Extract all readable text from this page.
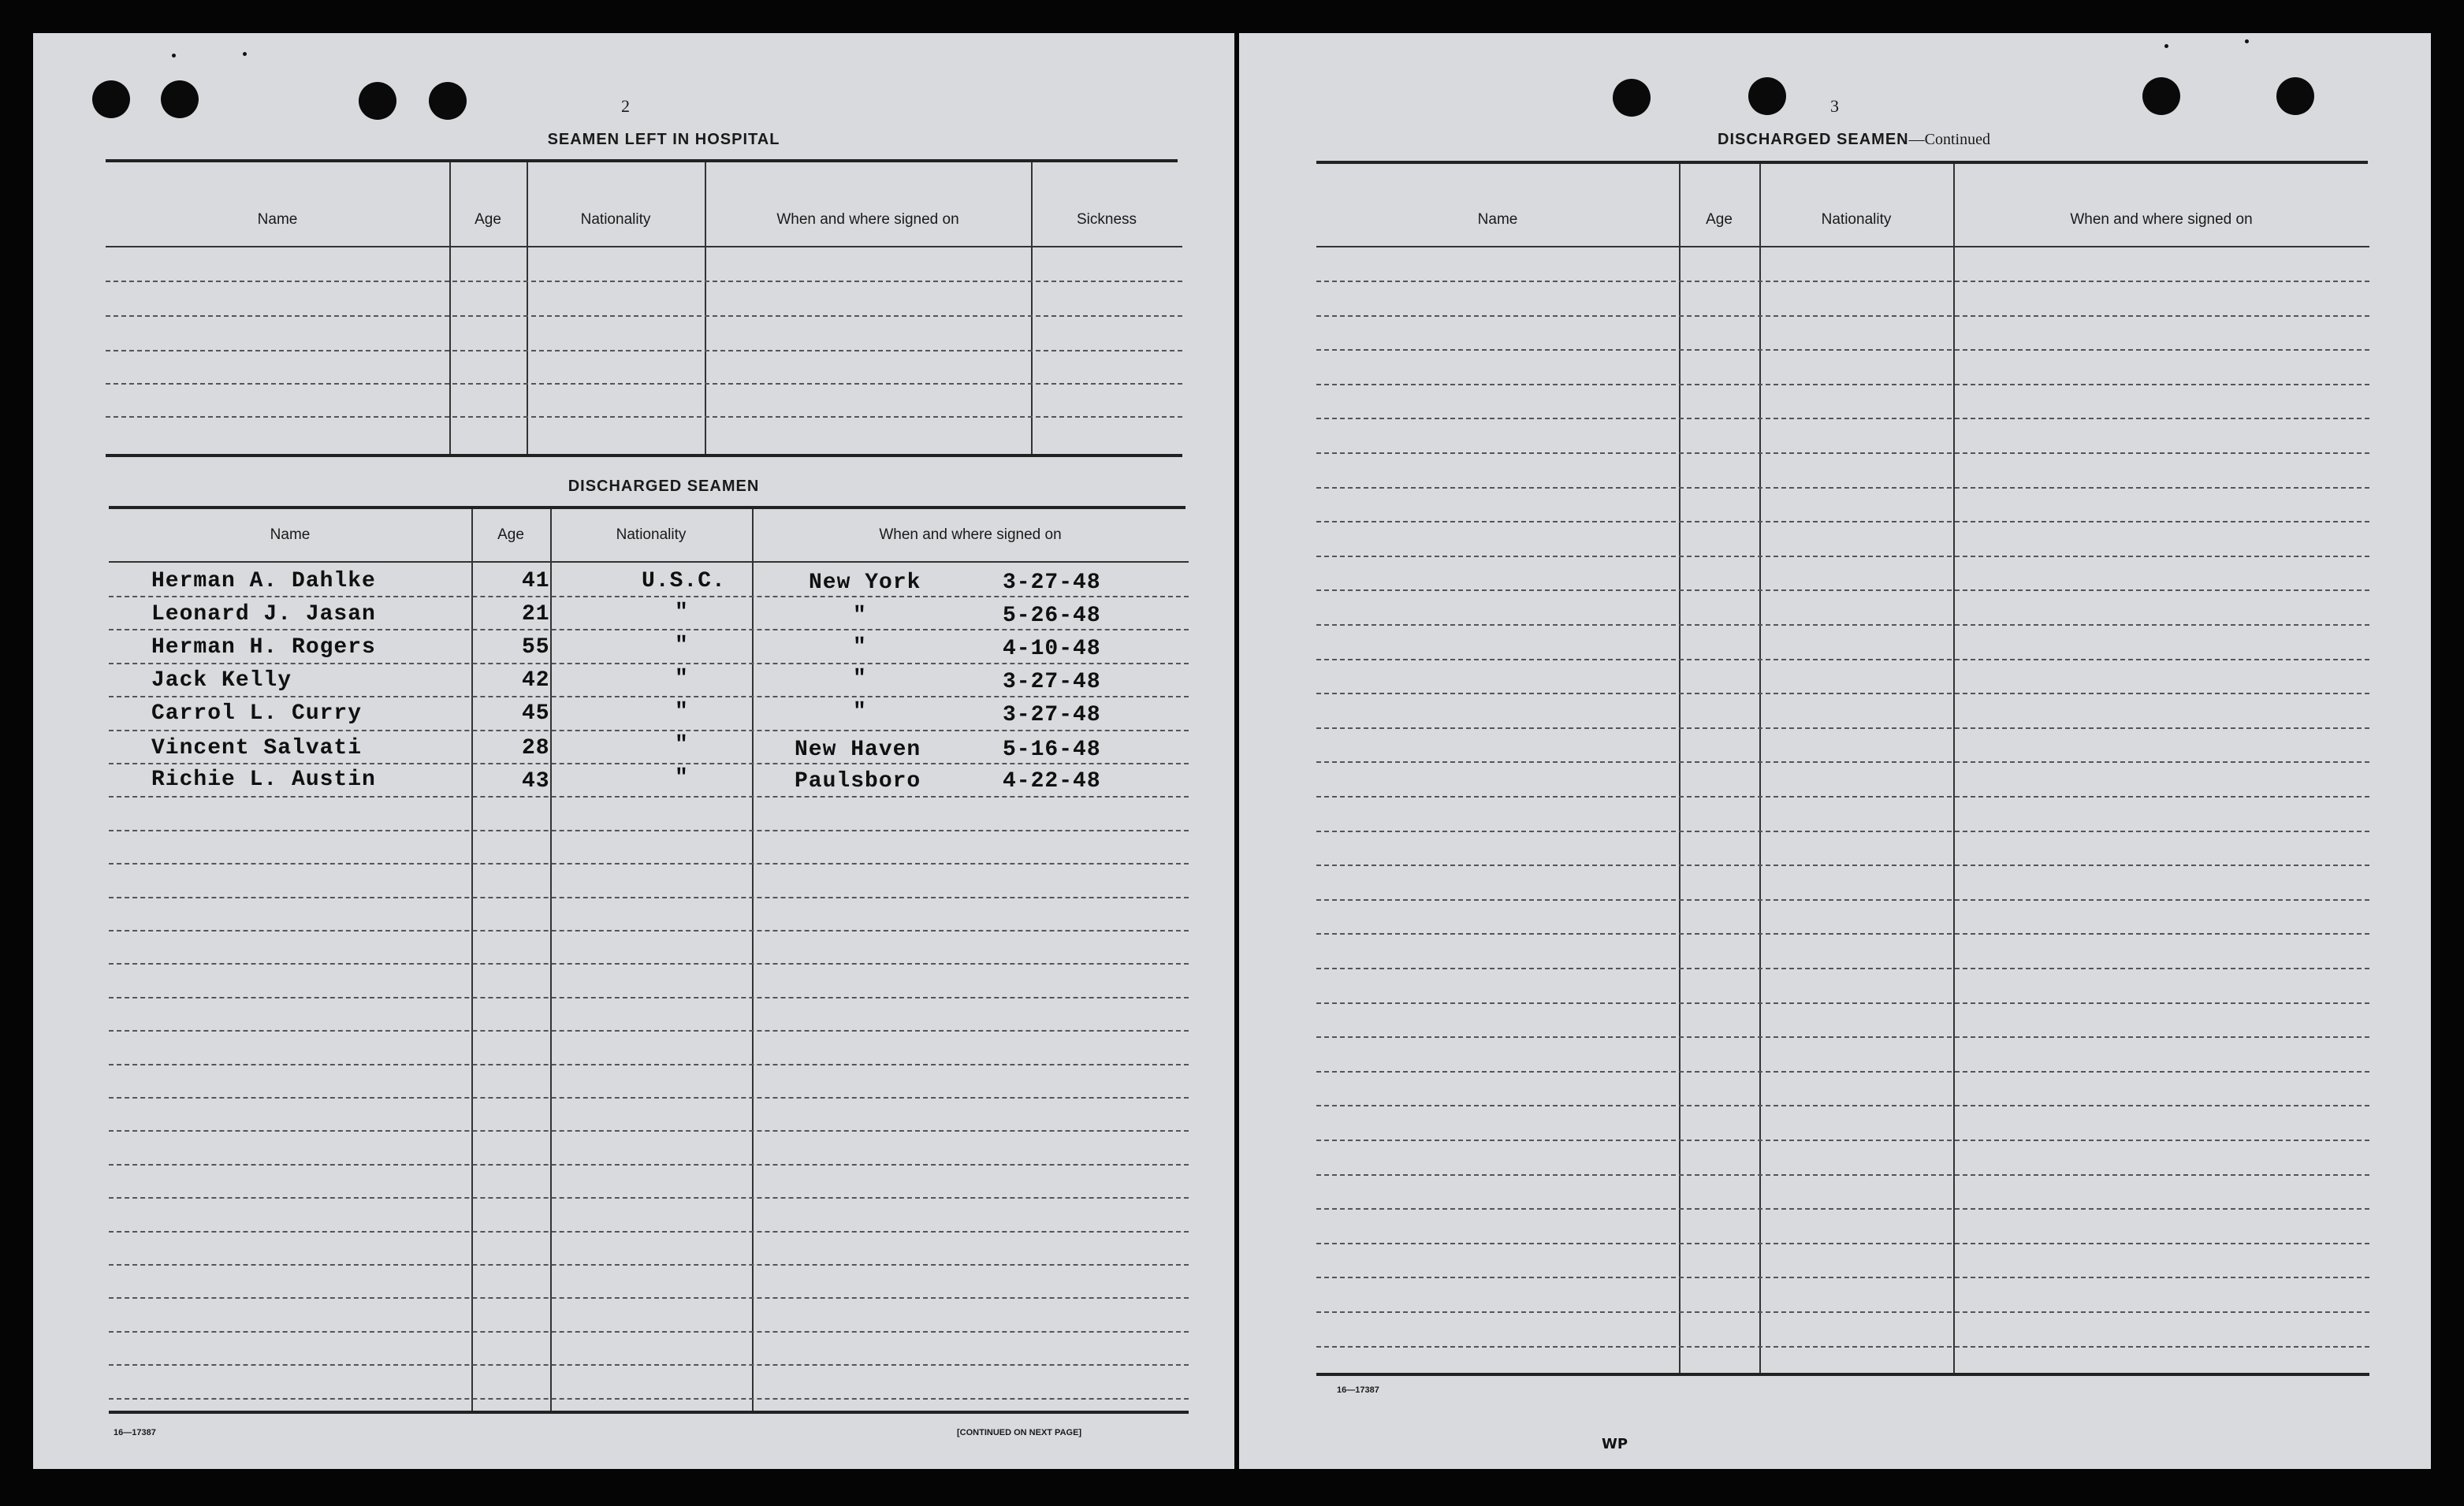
2
SEAMEN LEFT IN HOSPITAL
Name	Age	Nationality	When and where signed on	Sickness
DISCHARGED SEAMEN
Name	Age	Nationality	When and where signed on
Herman A. Dahlke	41	U.S.C.	New York	3-27-48
Leonard J. Jasan	21	"	"	5-26-48
Herman H. Rogers	55	"	"	4-10-48
Jack Kelly	42	"	"	3-27-48
Carrol L. Curry	45	"	"	3-27-48
Vincent Salvati	28	"	New Haven	5-16-48
Richie L. Austin	43	"	Paulsboro	4-22-48
16—17387	[CONTINUED ON NEXT PAGE]
3
DISCHARGED SEAMEN—Continued
Name	Age	Nationality	When and where signed on
16—17387
WP
